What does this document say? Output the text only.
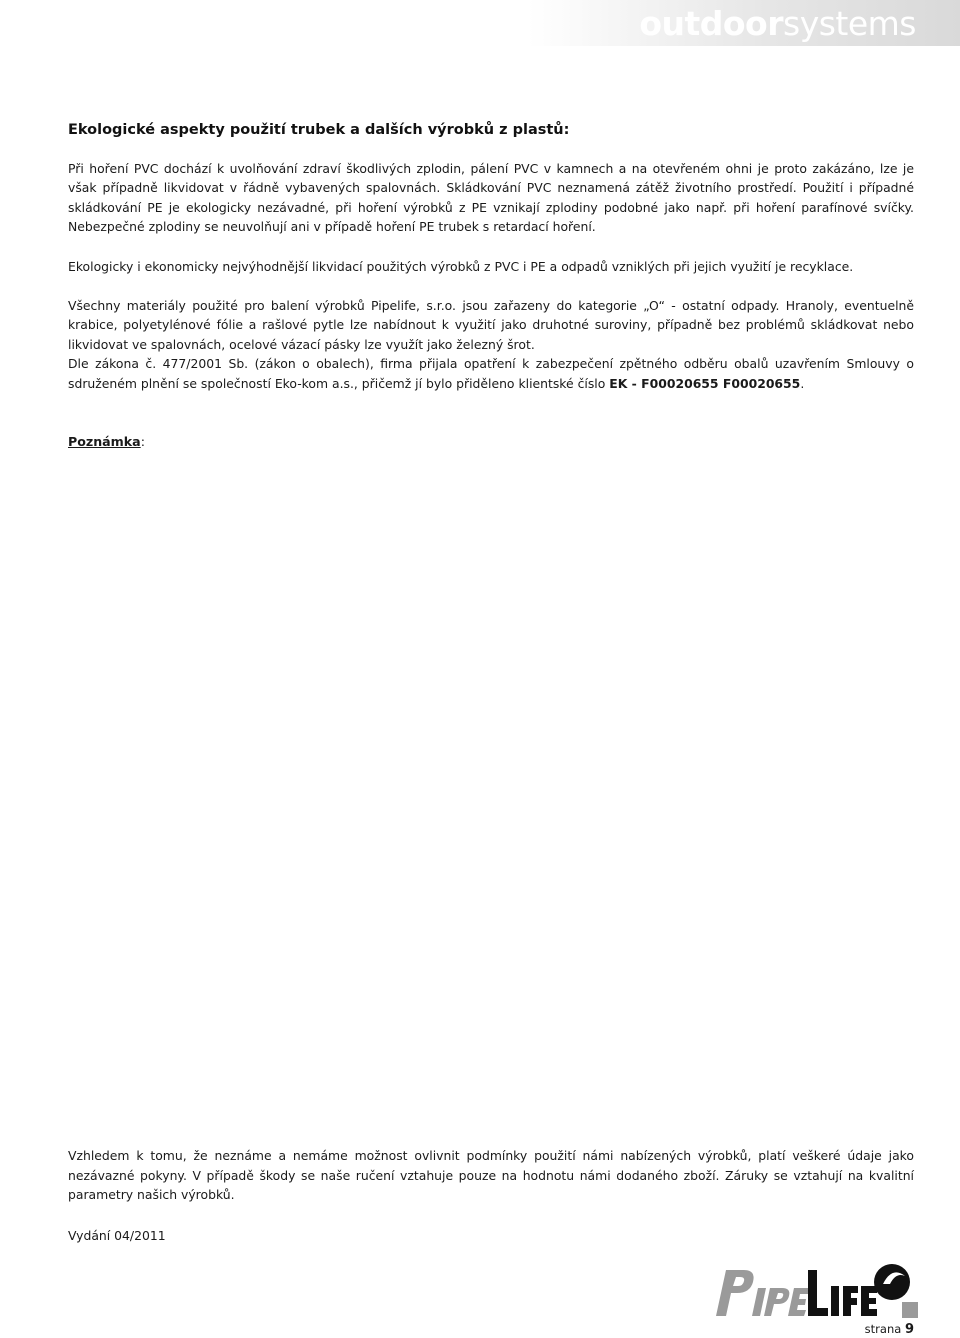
outdoorsystems
Ekologické aspekty použití trubek a dalších výrobků z plastů:

Při hoření PVC dochází k uvolňování zdraví škodlivých zplodin, pálení PVC v kamnech a na otevřeném ohni je proto zakázáno, lze je však případně likvidovat v řádně vybavených spalovnách. Skládkování PVC neznamená zátěž životního prostředí. Použití i případné skládkování PE je ekologicky nezávadné, při hoření výrobků z PE vznikají zplodiny podobné jako např. při hoření parafínové svíčky. Nebezpečné zplodiny se neuvolňují ani v případě hoření PE trubek s retardací hoření.

Ekologicky i ekonomicky nejvýhodnější likvidací použitých výrobků z PVC i PE a odpadů vzniklých při jejich využití je recyklace.

Všechny materiály použité pro balení výrobků Pipelife, s.r.o. jsou zařazeny do kategorie „O“ - ostatní odpady. Hranoly, eventuelně krabice, polyetylénové fólie a rašlové pytle lze nabídnout k využití jako druhotné suroviny, případně bez problémů skládkovat nebo likvidovat ve spalovnách, ocelové vázací pásky lze využít jako železný šrot.

Dle zákona č. 477/2001 Sb. (zákon o obalech), firma přijala opatření k zabezpečení zpětného odběru obalů uzavřením Smlouvy o sdruženém plnění se společností Eko-kom a.s., přičemž jí bylo přiděleno klientské číslo EK - F00020655 F00020655.

Poznámka:

Vzhledem k tomu, že neznáme a nemáme možnost ovlivnit podmínky použití námi nabízených výrobků, platí veškeré údaje jako nezávazné pokyny. V případě škody se naše ručení vztahuje pouze na hodnotu námi dodaného zboží. Záruky se vztahují na kvalitní parametry našich výrobků.

Vydání 04/2011
strana 9
